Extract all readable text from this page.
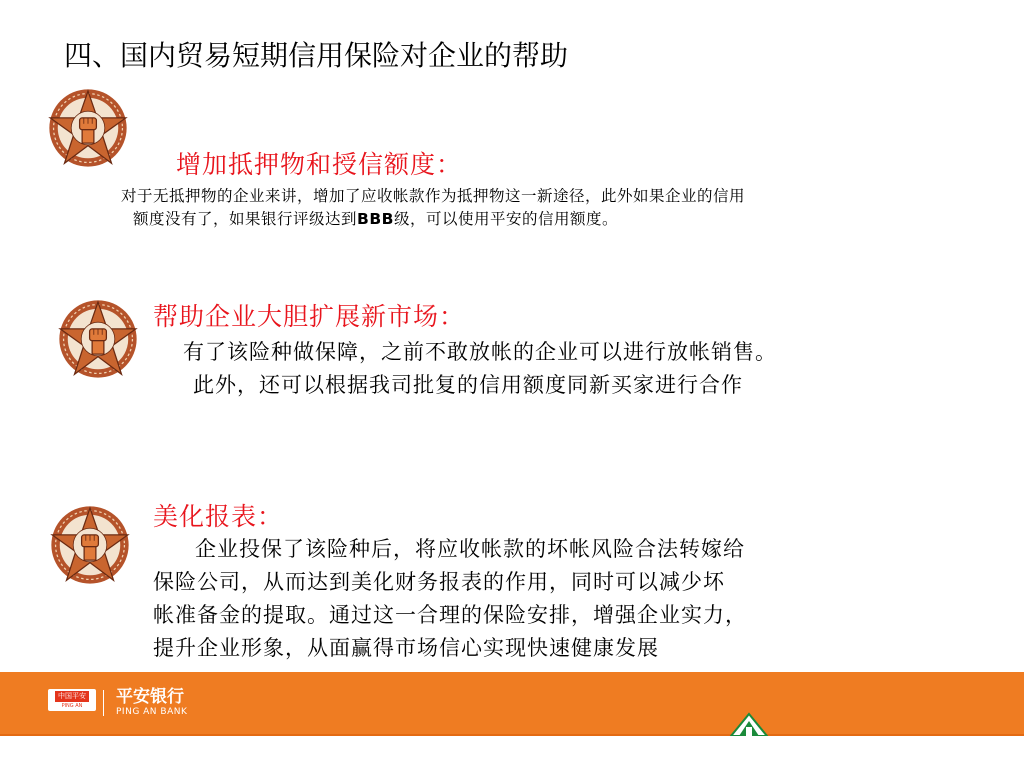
四、国内贸易短期信用保险对企业的帮助
增加抵押物和授信额度：
对于无抵押物的企业来讲，增加了应收帐款作为抵押物这一新途径，此外如果企业的信用
额度没有了，如果银行评级达到BBB级，可以使用平安的信用额度。
帮助企业大胆扩展新市场：
有了该险种做保障，之前不敢放帐的企业可以进行放帐销售。
此外，还可以根据我司批复的信用额度同新买家进行合作
美化报表：
企业投保了该险种后，将应收帐款的坏帐风险合法转嫁给
保险公司，从而达到美化财务报表的作用，同时可以减少坏
帐准备金的提取。通过这一合理的保险安排，增强企业实力，
提升企业形象，从面赢得市场信心实现快速健康发展
中国平安
PING AN 平安银行
PING AN BANK
